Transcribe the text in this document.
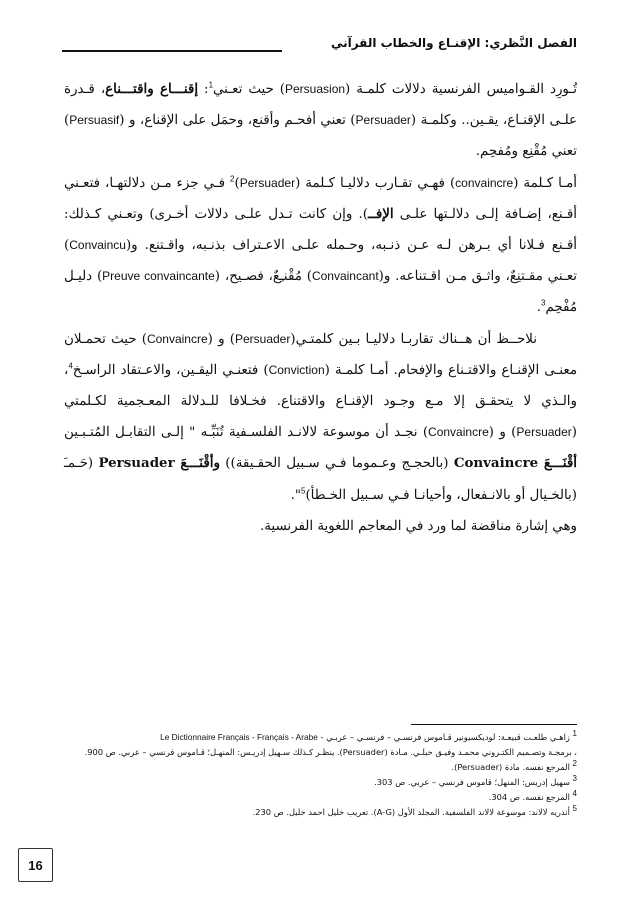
الفصل النَّظري: الإقنـاع والخطاب القرآني

تُـورِد القـواميس الفرنسية دلالات كلمـة (Persuasion) حيث تعـني$^1$: إقنـــاع واقتـــناع، قـدرة علـى الإقنـاع، يقـين.. وكلمـة (Persuader) تعني أفحـم وأقنع، وحمَل على الإقناع، و (Persuasif) تعني مُقْنِع ومُفحِم.

أمـا كـلمة (convaincre) فهـي تقـارب دلاليـا كـلمة (Persuader)$^2$ فـي جزء مـن دلالتهـا، فتعـني أقـنع، إضـافة إلـى دلالـتها علـى الإفــ). وإن كانت تـدل علـى دلالات أخـرى) وتعـني كـذلك: أقـنع فـلانا أي بـرهن لـه عـن ذنـبه، وحـمله علـى الاعـتراف بذنـبه، واقـتنع. و(Convaincu) تعـني مقـتنِعٌ، واثـق مـن اقـتناعه. و(Convaincant) مُقْنـِعٌ، فصـيح، (Preuve convaincante) دليـل مُفْحِم$^3$.

نلاحــظ أن هــناك تقاربـا دلاليـا بـين كلمتـي(Persuader) و (Convaincre) حيث تحمـلان معنـى الإقنـاع والاقتـناع والإفحام. أمـا كلمـة (Conviction) فتعنـي اليقـين، والاعـتقاد الراسـخ$^4$، والـذي لا يتحقـق إلا مـع وجـود الإقنـاع والاقتناع. فخـلافا للـدلالة المعـجمية لكـلمتي (Persuader) و (Convaincre) نجـد أن موسوعة لالانـد الفلسـفية تُنَبِّـه " إلـى التقابـل المُتـبـين أقْنَـــعَ Convaincre (بالحجـج وعـموما فـي سـبيل الحقـيقة)) وأقْنَـــعَ Persuader (حَـمـَ (بالخـيال أو بالانـفعال، وأحيانـا فـي سـبيل الخـطأ)$^5$".

وهي إشارة مناقضة لما ورد في المعاجم اللغوية الفرنسية.

1 زاهـي طلعـت قبيعـة: لوديكسيونير قـاموس فرنسـي – فرنسـي – عربـي - Le Dictionnaire Français - Français - Arabe
، برمجـة وتصـميم الكتـروني محمـد وفيـق حبلـي. مـادة (Persuader). ينظـر كـذلك سـهيل إدريـس: المنهـل؛ قـاموس فرنسي – عربي. ص 900.
2 المرجع نفسه. مادة (Persuader).
3 سهيل إدريس: المنهل؛ قاموس فرنسي – عربي. ص 303.
4 المرجع نفسه. ص 304.
5 أندريه لالاند: موسوعة لالاند الفلسفية. المجلد الأول (A-G). تعريب خليل احمد خليل. ص 230.
16
